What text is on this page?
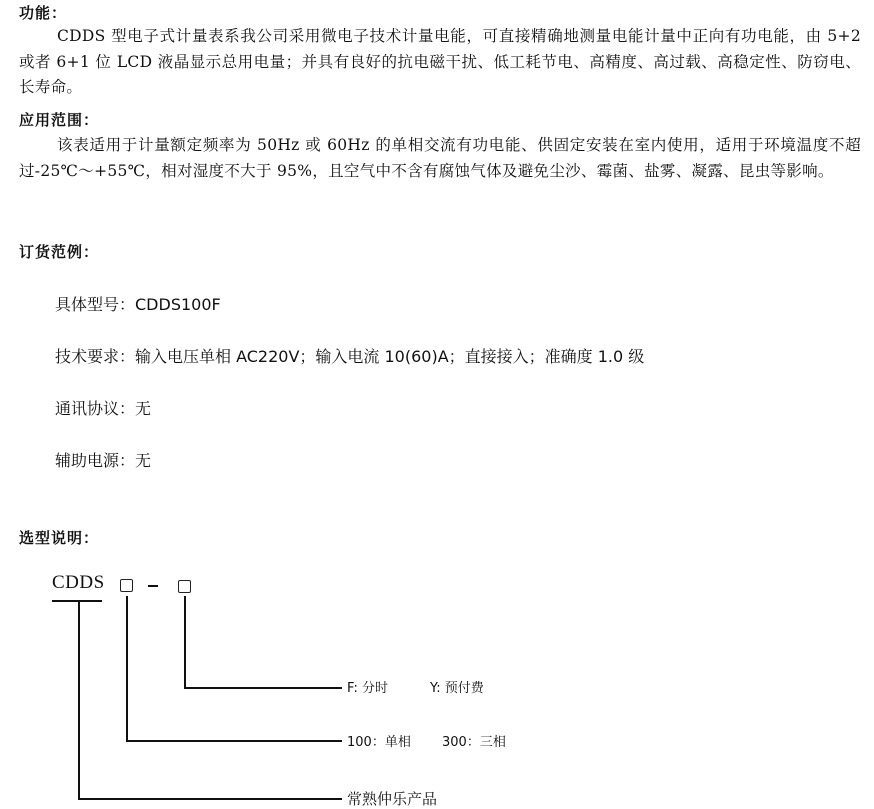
功能：

CDDS 型电子式计量表系我公司采用微电子技术计量电能，可直接精确地测量电能计量中正向有功电能，由 5+2 或者 6+1 位 LCD 液晶显示总用电量；并具有良好的抗电磁干扰、低工耗节电、高精度、高过载、高稳定性、防窃电、长寿命。

应用范围：

该表适用于计量额定频率为 50Hz 或 60Hz 的单相交流有功电能、供固定安装在室内使用，适用于环境温度不超过-25℃～+55℃，相对湿度不大于 95%，且空气中不含有腐蚀气体及避免尘沙、霉菌、盐雾、凝露、昆虫等影响。

订货范例：
具体型号：CDDS100F
技术要求：输入电压单相 AC220V；输入电流 10(60)A；直接接入；准确度 1.0 级
通讯协议：无
辅助电源：无
选型说明：
CDDS
F: 分时	Y: 预付费
100：单相 300：三相
常熟仲乐产品
